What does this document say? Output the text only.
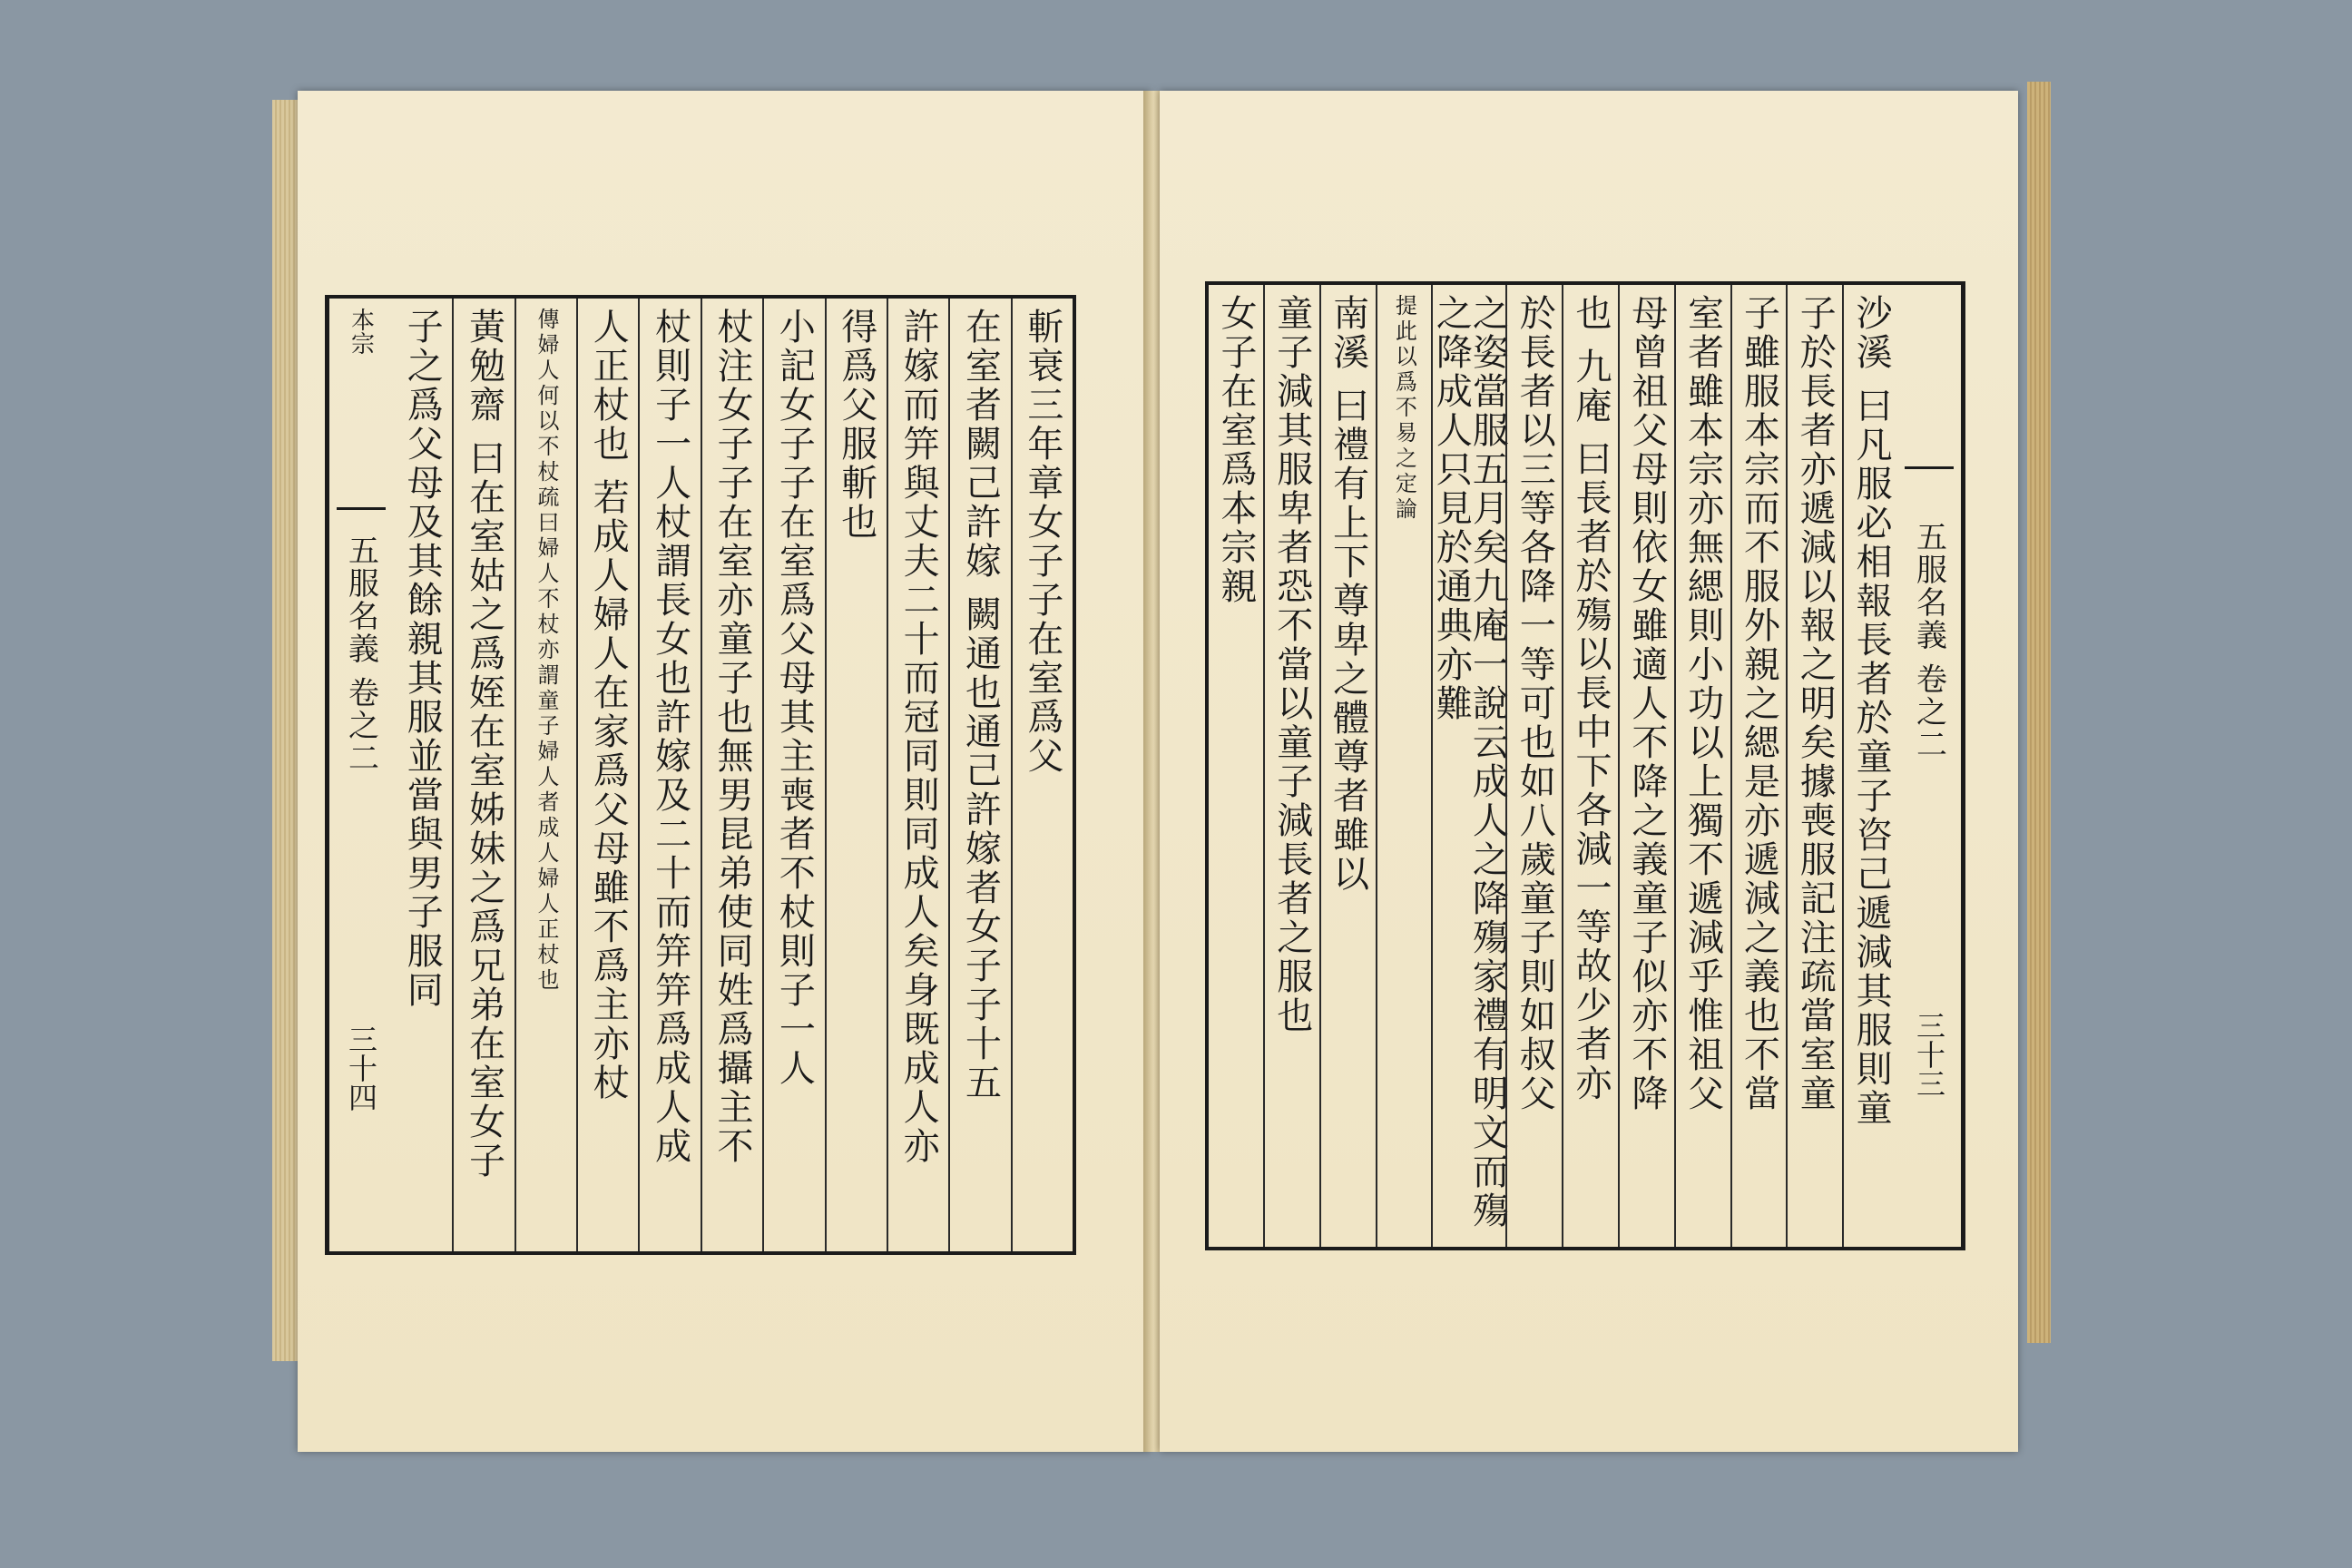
本宗
五服名義 卷之二
三十四
斬衰三年章女子子在室爲父
在室者闕己許嫁 闕通也通己許嫁者女子子十五
許嫁而笄與丈夫二十而冠同則同成人矣身既成人亦
得爲父服斬也
小記女子子在室爲父母其主喪者不杖則子一人
杖注女子子在室亦童子也無男昆弟使同姓爲攝主不
杖則子一人杖謂長女也許嫁及二十而笄笄爲成人成
人正杖也 若成人婦人在家爲父母雖不爲主亦杖
傳婦人何以不杖疏曰婦人不杖亦謂童子婦人者成人婦人正杖也
黃勉齋 曰在室姑之爲姪在室姊妹之爲兄弟在室女子
子之爲父母及其餘親其服並當與男子服同	五服名義 卷之二
三十三
沙溪 曰凡服必相報長者於童子咨己遞減其服則童
子於長者亦遞減以報之明矣據喪服記注疏當室童
子雖服本宗而不服外親之緦是亦遞減之義也不當
室者雖本宗亦無緦則小功以上獨不遞減乎惟祖父
母曾祖父母則依女雖適人不降之義童子似亦不降
也 九庵 曰長者於殤以長中下各減一等故少者亦
於長者以三等各降一等可也如八歲童子則如叔父
之姿當服五月矣九庵一說云成人之降殤家禮有明文而殤之降成人只見於通典亦難
提此以爲不易之定論
南溪 曰禮有上下尊卑之體尊者雖以
童子減其服卑者恐不當以童子減長者之服也
女子在室爲本宗親
